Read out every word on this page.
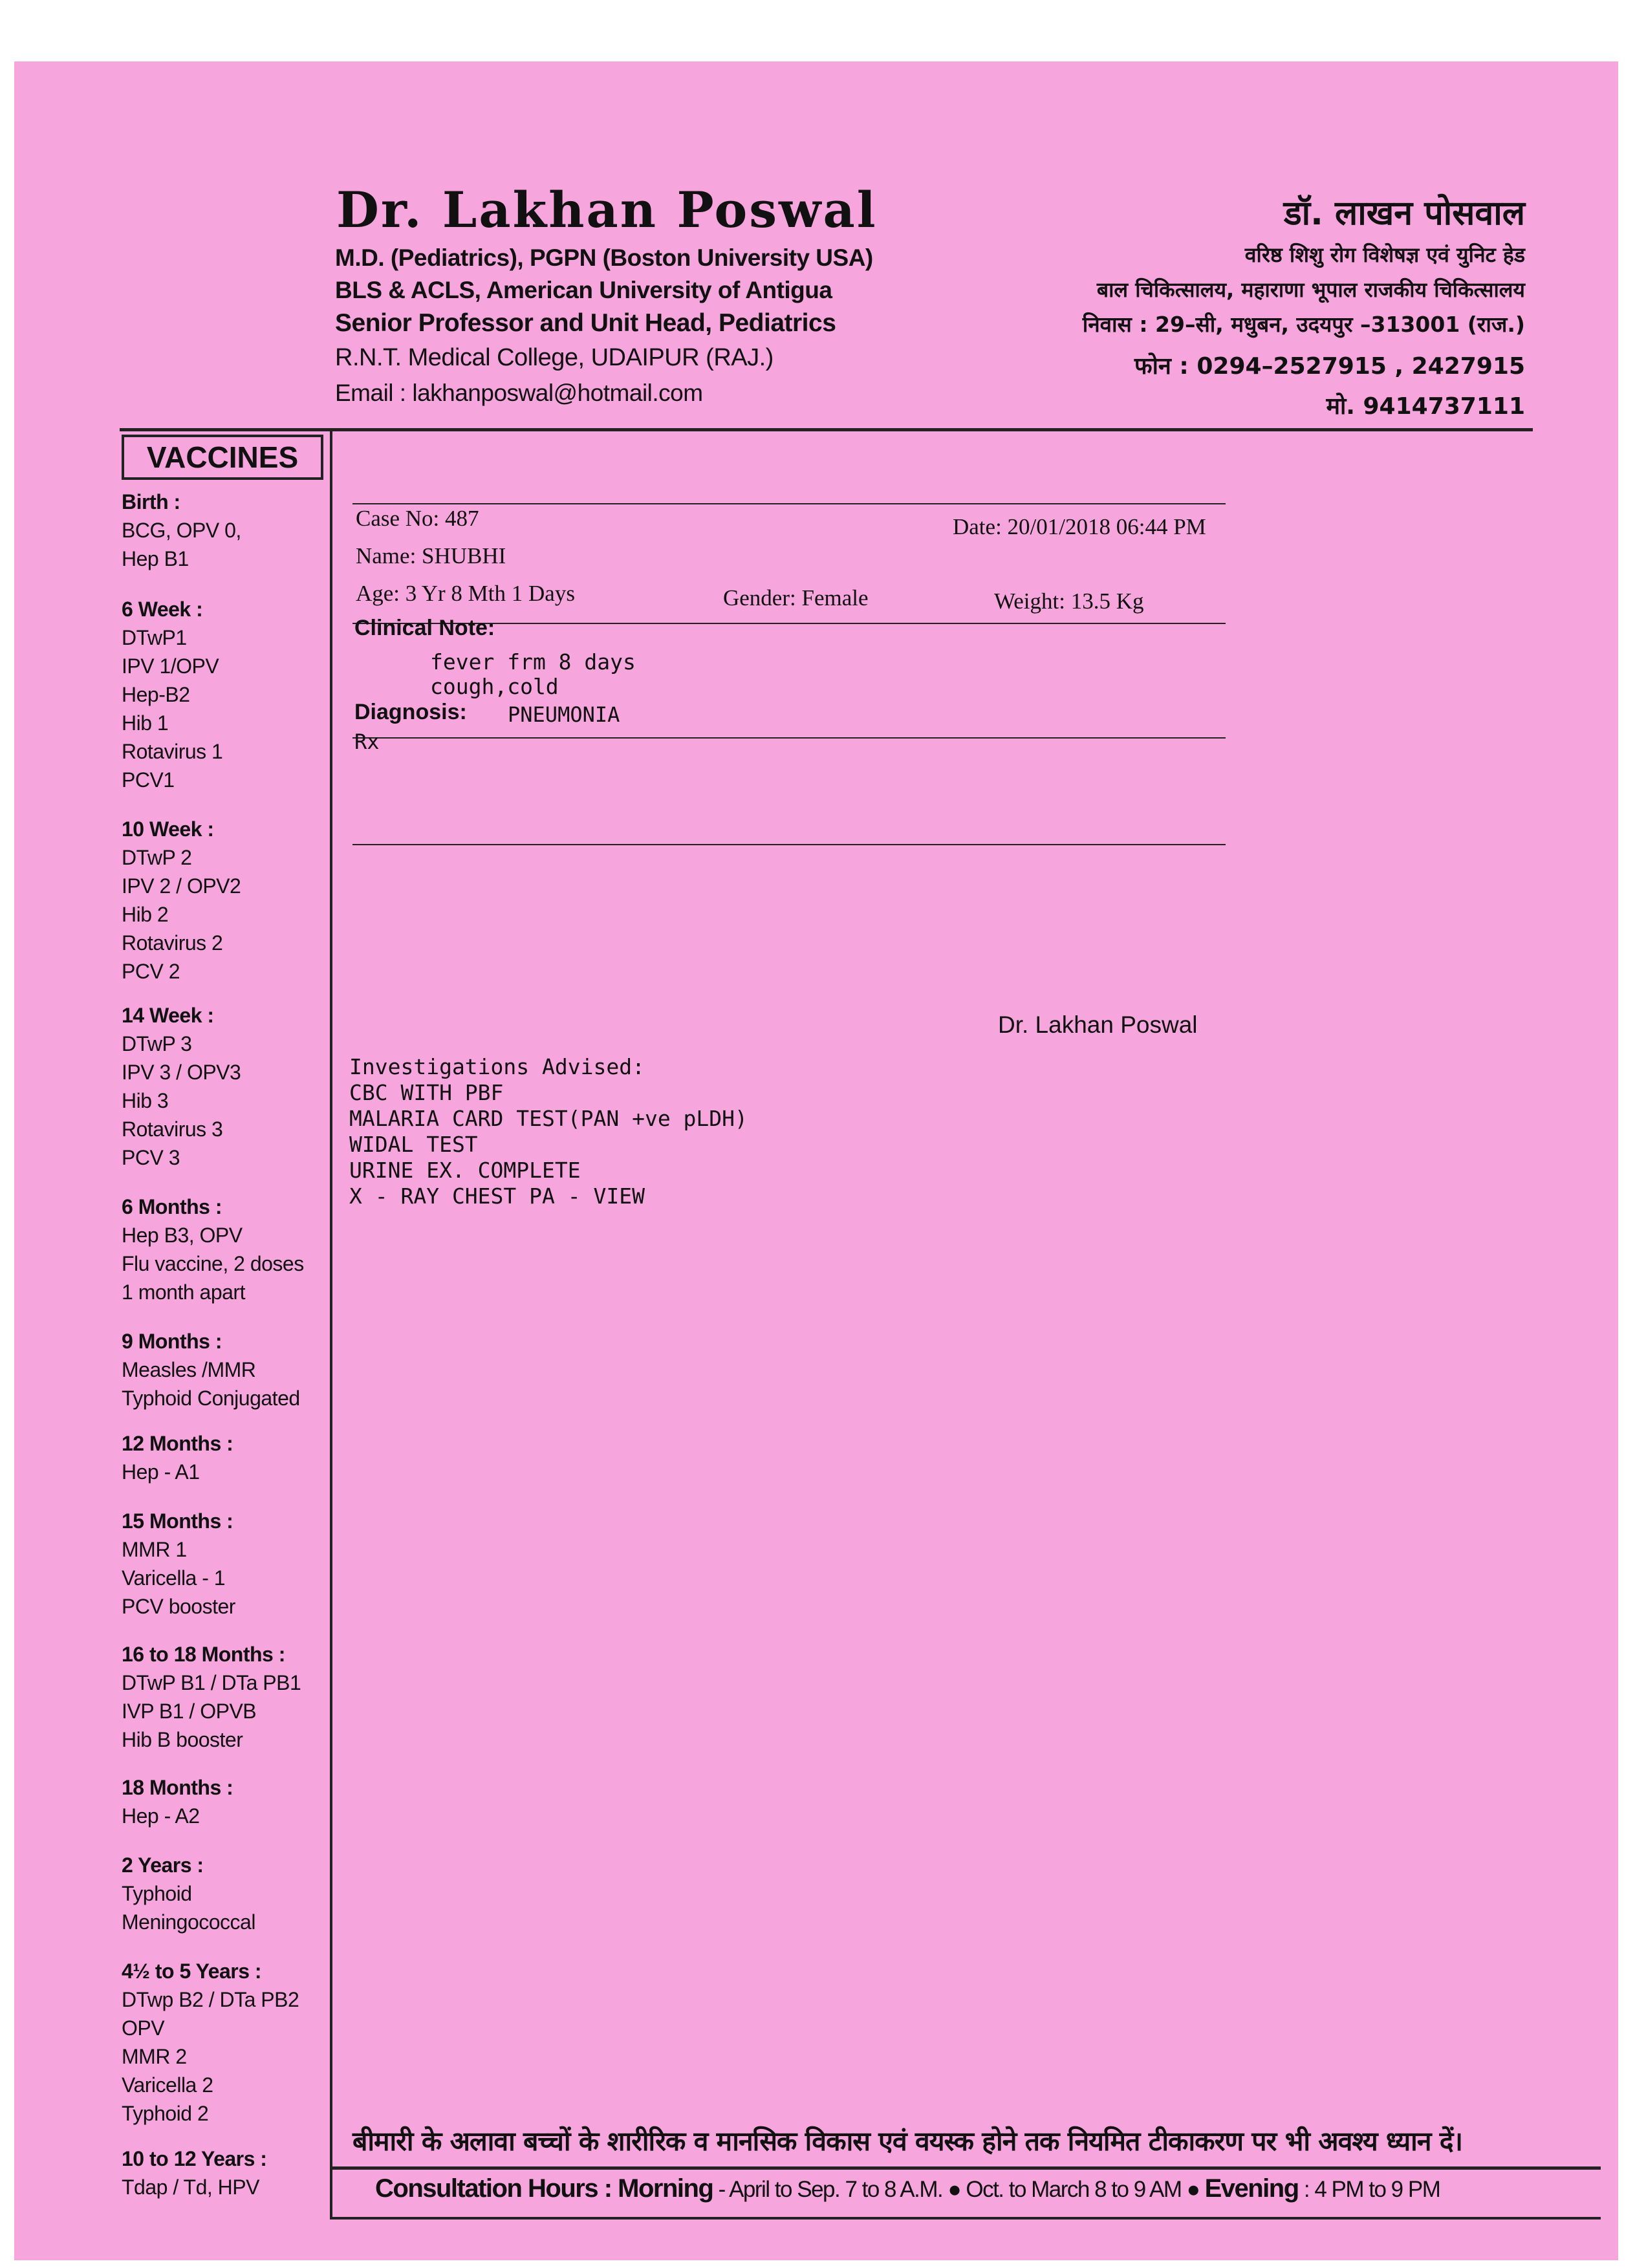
Dr. Lakhan Poswal
M.D. (Pediatrics), PGPN (Boston University USA)
BLS & ACLS, American University of Antigua
Senior Professor and Unit Head, Pediatrics
R.N.T. Medical College, UDAIPUR (RAJ.)
Email : lakhanposwal@hotmail.com
डॉ. लाखन पोसवाल
वरिष्ठ शिशु रोग विशेषज्ञ एवं युनिट हेड
बाल चिकित्सालय, महाराणा भूपाल राजकीय चिकित्सालय
निवास : 29–सी, मधुबन, उदयपुर –313001 (राज.)
फोन : 0294–2527915 , 2427915
मो. 9414737111
VACCINES
Birth :
BCG, OPV 0,
Hep B1
6 Week :
DTwP1
IPV 1/OPV
Hep-B2
Hib 1
Rotavirus 1
PCV1
10 Week :
DTwP 2
IPV 2 / OPV2
Hib 2
Rotavirus 2
PCV 2
14 Week :
DTwP 3
IPV 3 / OPV3
Hib 3
Rotavirus 3
PCV 3
6 Months :
Hep B3, OPV
Flu vaccine, 2 doses
1 month apart
9 Months :
Measles /MMR
Typhoid Conjugated
12 Months :
Hep - A1
15 Months :
MMR 1
Varicella - 1
PCV booster
16 to 18 Months :
DTwP B1 / DTa PB1
IVP B1 / OPVB
Hib B booster
18 Months :
Hep - A2
2 Years :
Typhoid
Meningococcal
4½ to 5 Years :
DTwp B2 / DTa PB2
OPV
MMR 2
Varicella 2
Typhoid 2
10 to 12 Years :
Tdap / Td, HPV
Case No: 487	Date: 20/01/2018 06:44 PM
Name: SHUBHI
Age: 3 Yr 8 Mth 1 Days	Gender: Female	Weight: 13.5 Kg
Clinical Note:
fever frm 8 days
cough,cold
Diagnosis: PNEUMONIA
Rx
Dr. Lakhan Poswal
Investigations Advised:
CBC WITH PBF
MALARIA CARD TEST(PAN +ve pLDH)
WIDAL TEST
URINE EX. COMPLETE
X - RAY CHEST PA - VIEW
बीमारी के अलावा बच्चों के शारीरिक व मानसिक विकास एवं वयस्क होने तक नियमित टीकाकरण पर भी अवश्य ध्यान दें।
Consultation Hours : Morning - April to Sep. 7 to 8 A.M. ● Oct. to March 8 to 9 AM ● Evening : 4 PM to 9 PM
